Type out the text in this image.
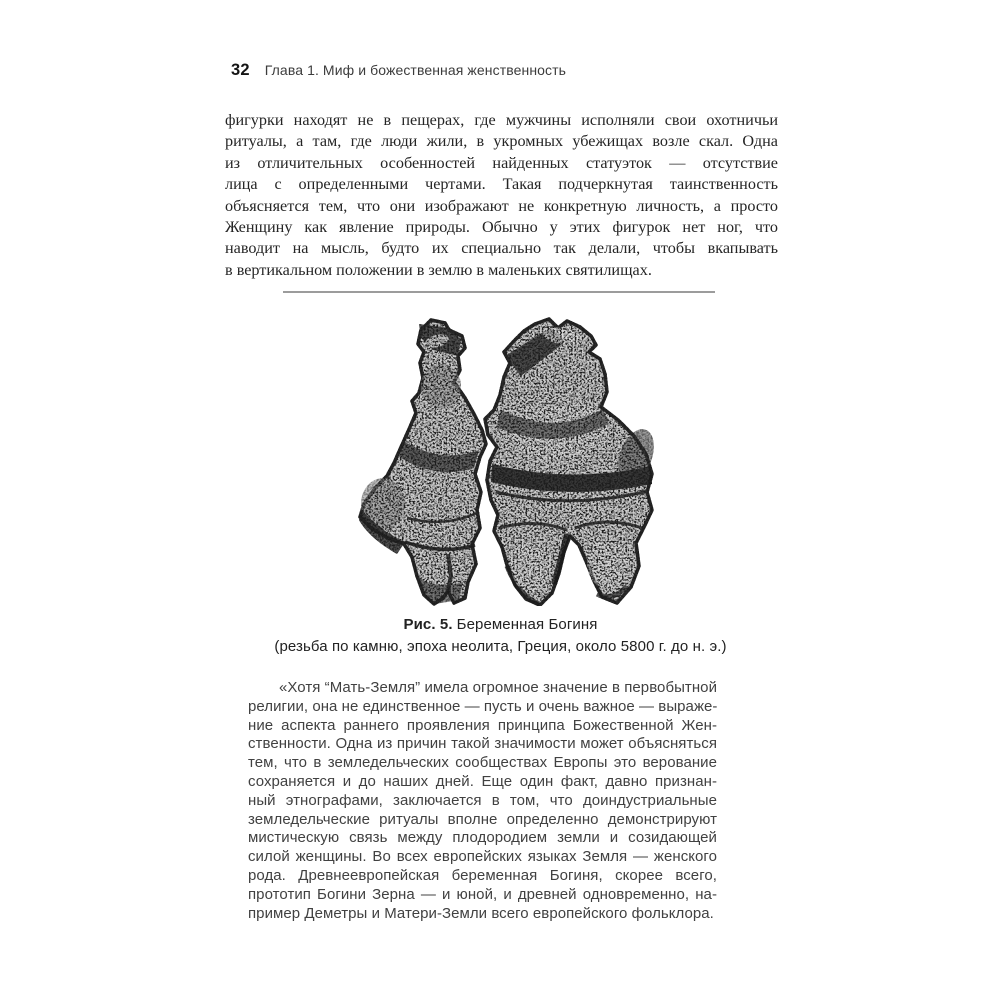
32 Глава 1. Миф и божественная женственность
фигурки находят не в пещерах, где мужчины исполняли свои охотничьи
ритуалы, а там, где люди жили, в укромных убежищах возле скал. Одна
из отличительных особенностей найденных статуэток — отсутствие
лица с определенными чертами. Такая подчеркнутая таинственность
объясняется тем, что они изображают не конкретную личность, а просто
Женщину как явление природы. Обычно у этих фигурок нет ног, что
наводит на мысль, будто их специально так делали, чтобы вкапывать
в вертикальном положении в землю в маленьких святилищах.
Рис. 5. Беременная Богиня
(резьба по камню, эпоха неолита, Греция, около 5800 г. до н. э.)
«Хотя “Мать-Земля” имела огромное значение в первобытной
религии, она не единственное — пусть и очень важное — выраже-
ние аспекта раннего проявления принципа Божественной Жен-
ственности. Одна из причин такой значимости может объясняться
тем, что в земледельческих сообществах Европы это верование
сохраняется и до наших дней. Еще один факт, давно признан-
ный этнографами, заключается в том, что доиндустриальные
земледельческие ритуалы вполне определенно демонстрируют
мистическую связь между плодородием земли и созидающей
силой женщины. Во всех европейских языках Земля — женского
рода. Древнеевропейская беременная Богиня, скорее всего,
прототип Богини Зерна — и юной, и древней одновременно, на-
пример Деметры и Матери-Земли всего европейского фольклора.
